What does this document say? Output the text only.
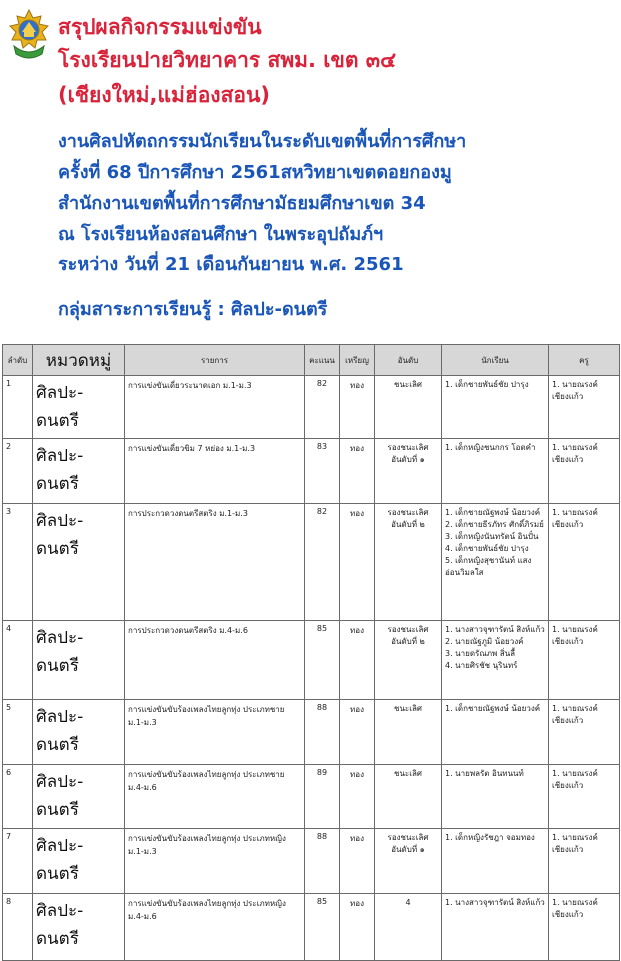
สรุปผลกิจกรรมแข่งขัน
โรงเรียนปายวิทยาคาร สพม. เขต ๓๔
(เชียงใหม่,แม่ฮ่องสอน)
งานศิลปหัตถกรรมนักเรียนในระดับเขตพื้นที่การศึกษา
ครั้งที่ 68 ปีการศึกษา 2561สหวิทยาเขตดอยกองมู
สำนักงานเขตพื้นที่การศึกษามัธยมศึกษาเขต 34
ณ โรงเรียนห้องสอนศึกษา ในพระอุปถัมภ์ฯ
ระหว่าง วันที่ 21 เดือนกันยายน พ.ศ. 2561
กลุ่มสาระการเรียนรู้ : ศิลปะ-ดนตรี
ลำดับ	หมวดหมู่	รายการ	คะแนน	เหรียญ	อันดับ	นักเรียน	ครู
1	ศิลปะ-
ดนตรี	การแข่งขันเดี่ยวระนาดเอก ม.1-ม.3	82	ทอง	ชนะเลิศ	1. เด็กชายพันธ์ชัย ปารุง	1. นายณรงค์
เชียงแก้ว

2	ศิลปะ-
ดนตรี	การแข่งขันเดี่ยวขิม 7 หย่อง ม.1-ม.3	83	ทอง	รองชนะเลิศ
อันดับที่ ๑	1. เด็กหญิงชนกกร โอดคำ	1. นายณรงค์
เชียงแก้ว

3	ศิลปะ-
ดนตรี	การประกวดวงดนตรีสตริง ม.1-ม.3	82	ทอง	รองชนะเลิศ
อันดับที่ ๒	1. เด็กชายณัฐพงษ์ น้อยวงค์
2. เด็กชายธีรภัทร ศักดิ์ภิรมย์
3. เด็กหญิงนันทรัตน์ อินปั๋น
4. เด็กชายพันธ์ชัย ปารุง
5. เด็กหญิงสุชานันท์ แสงอ่อนวิมลใส	1. นายณรงค์
เชียงแก้ว

4	ศิลปะ-
ดนตรี	การประกวดวงดนตรีสตริง ม.4-ม.6	85	ทอง	รองชนะเลิศ
อันดับที่ ๒	1. นางสาวจุฑารัตน์ สิงห์แก้ว
2. นายณัฐภูมิ น้อยวงค์
3. นายดรัณภพ สิ่นลื้
4. นายศิรชัช นุรินทร์	1. นายณรงค์
เชียงแก้ว

5	ศิลปะ-
ดนตรี	การแข่งขันขับร้องเพลงไทยลูกทุ่ง ประเภทชาย ม.1-ม.3	88	ทอง	ชนะเลิศ	1. เด็กชายณัฐพงษ์ น้อยวงค์	1. นายณรงค์
เชียงแก้ว

6	ศิลปะ-
ดนตรี	การแข่งขันขับร้องเพลงไทยลูกทุ่ง ประเภทชาย ม.4-ม.6	89	ทอง	ชนะเลิศ	1. นายพลรัต อินทนนท์	1. นายณรงค์
เชียงแก้ว

7	ศิลปะ-
ดนตรี	การแข่งขันขับร้องเพลงไทยลูกทุ่ง ประเภทหญิง ม.1-ม.3	88	ทอง	รองชนะเลิศ
อันดับที่ ๑	1. เด็กหญิงรัชฎา จอมทอง	1. นายณรงค์
เชียงแก้ว

8	ศิลปะ-
ดนตรี	การแข่งขันขับร้องเพลงไทยลูกทุ่ง ประเภทหญิง ม.4-ม.6	85	ทอง	4	1. นางสาวจุฑารัตน์ สิงห์แก้ว	1. นายณรงค์
เชียงแก้ว
